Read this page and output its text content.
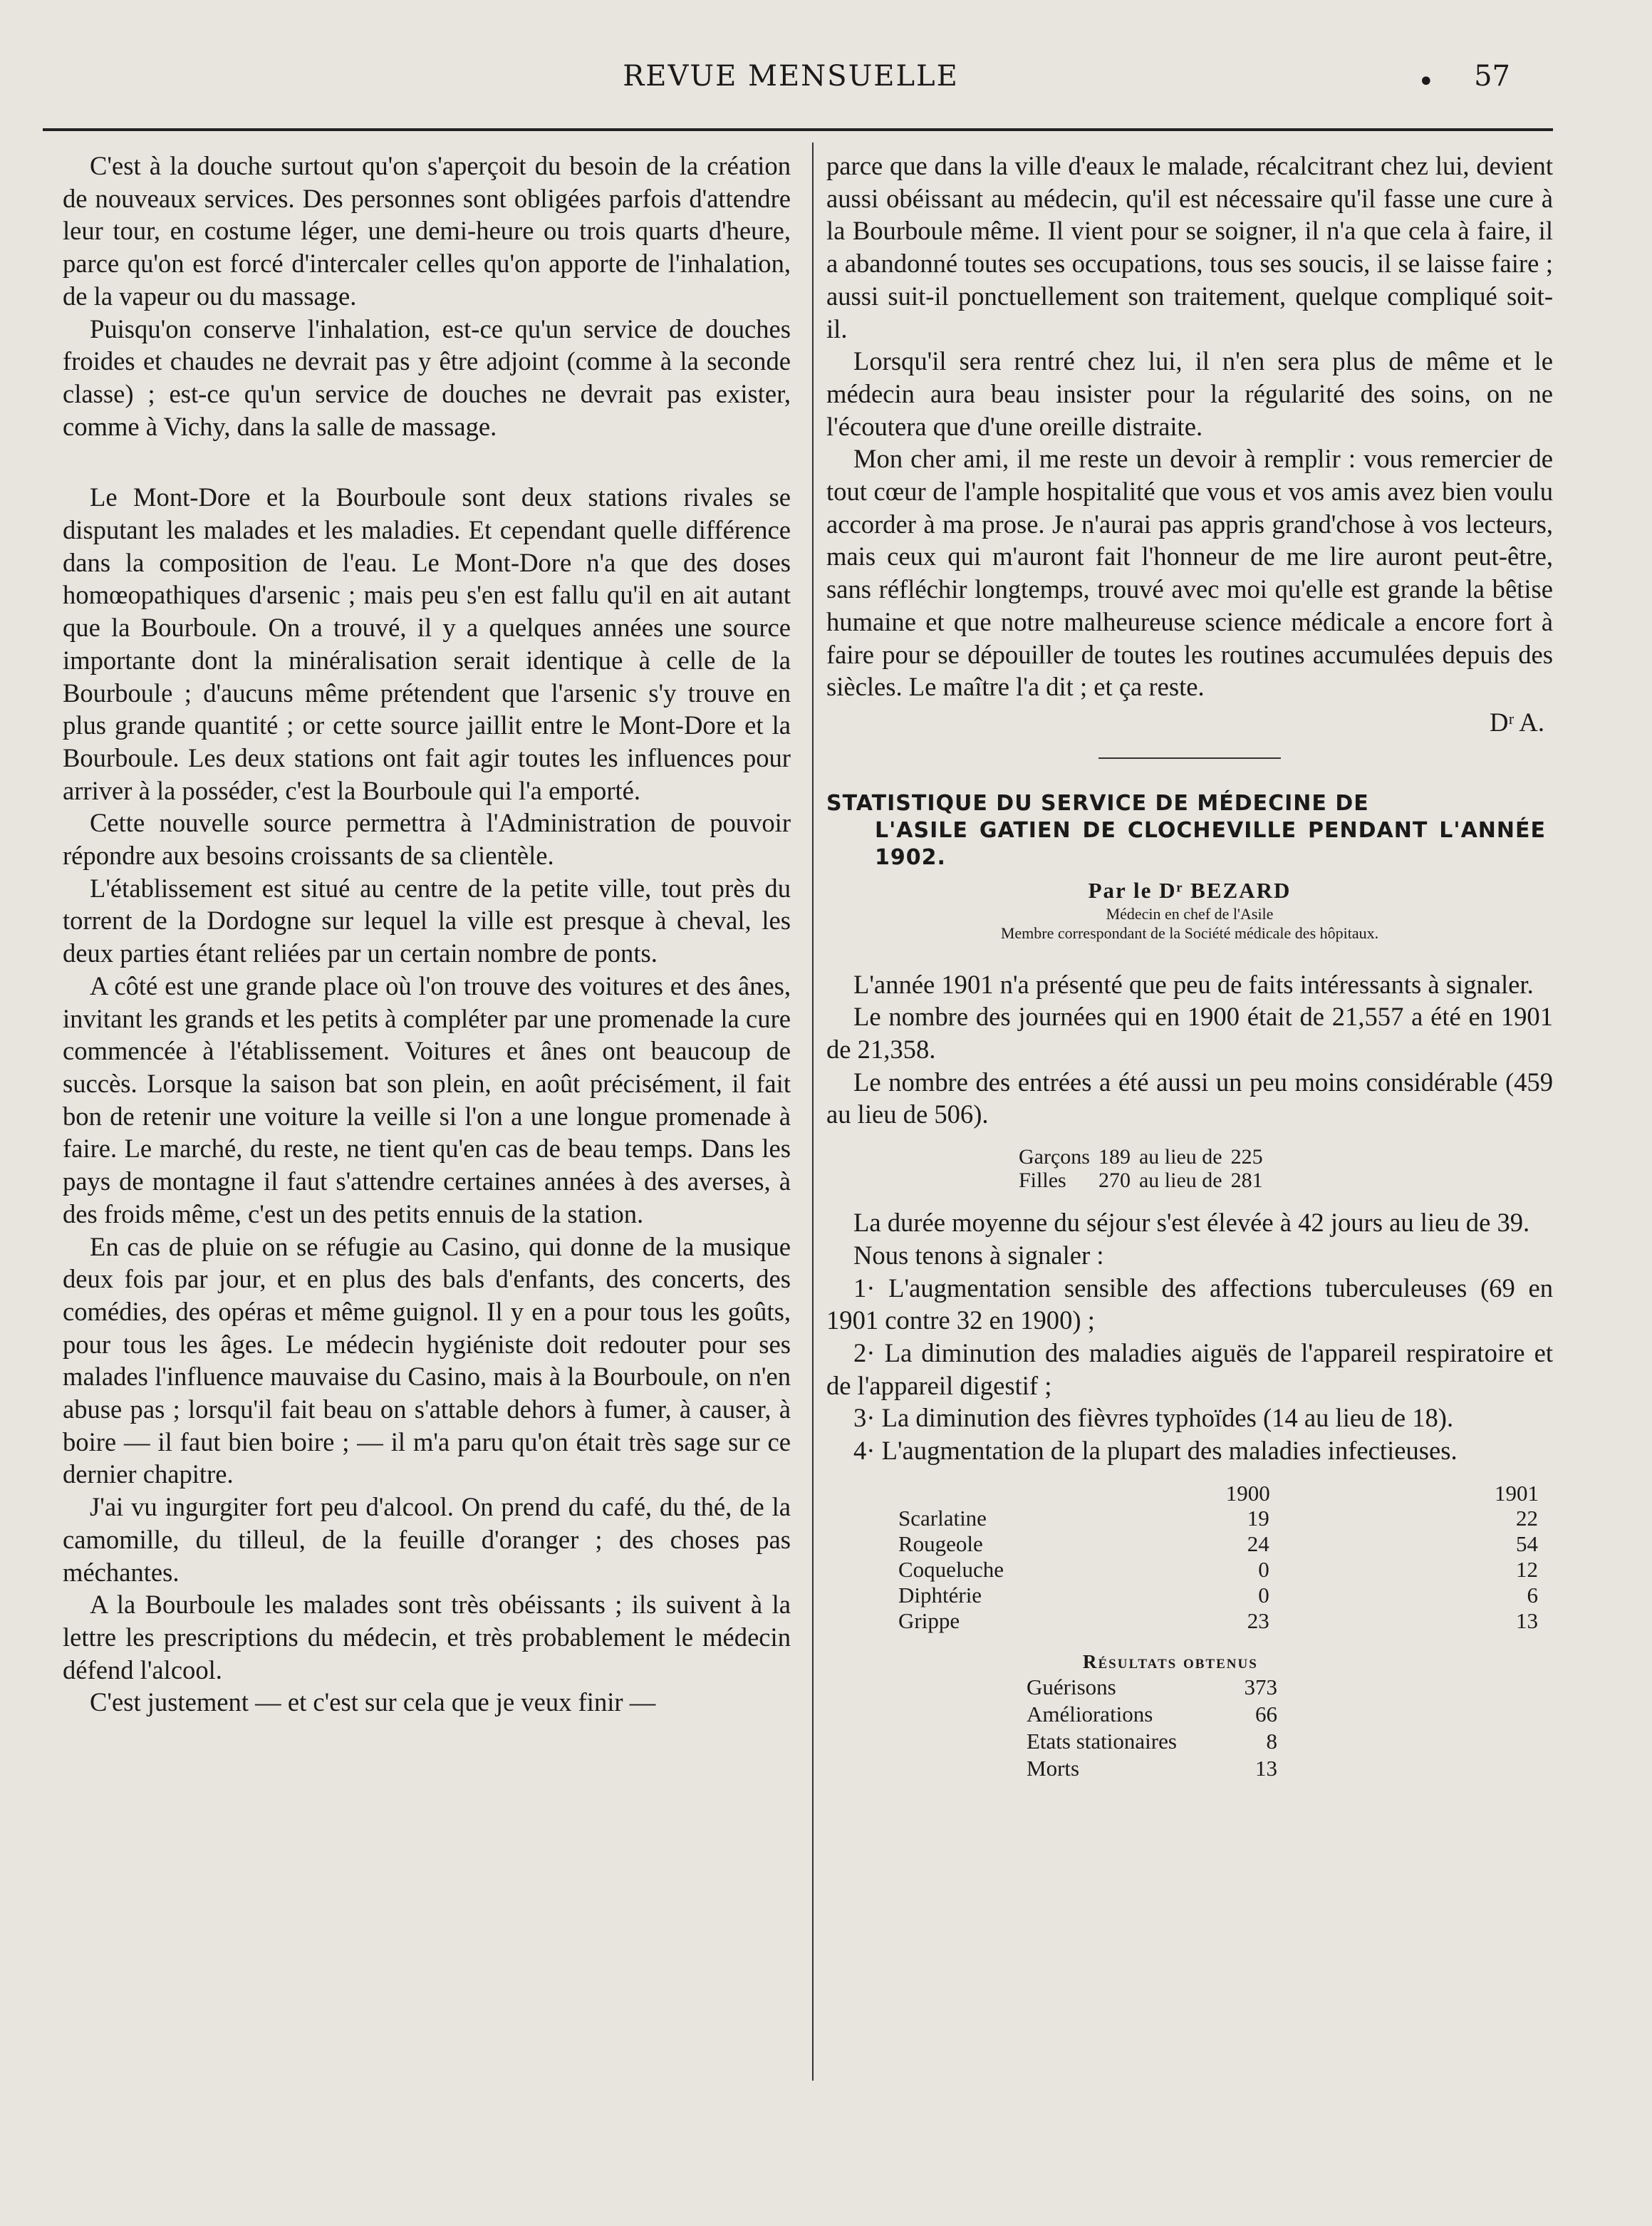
REVUE MENSUELLE	• 57

C'est à la douche surtout qu'on s'aperçoit du besoin de la création de nouveaux services. Des personnes sont obligées parfois d'attendre leur tour, en costume léger, une demi-heure ou trois quarts d'heure, parce qu'on est forcé d'intercaler celles qu'on apporte de l'inhalation, de la vapeur ou du massage.

Puisqu'on conserve l'inhalation, est-ce qu'un service de douches froides et chaudes ne devrait pas y être adjoint (comme à la seconde classe) ; est-ce qu'un service de douches ne devrait pas exister, comme à Vichy, dans la salle de massage.

Le Mont-Dore et la Bourboule sont deux stations rivales se disputant les malades et les maladies. Et cependant quelle différence dans la composition de l'eau. Le Mont-Dore n'a que des doses homœopathiques d'arsenic ; mais peu s'en est fallu qu'il en ait autant que la Bourboule. On a trouvé, il y a quelques années une source importante dont la minéralisation serait identique à celle de la Bourboule ; d'aucuns même prétendent que l'arsenic s'y trouve en plus grande quantité ; or cette source jaillit entre le Mont-Dore et la Bourboule. Les deux stations ont fait agir toutes les influences pour arriver à la posséder, c'est la Bourboule qui l'a emporté.

Cette nouvelle source permettra à l'Administration de pouvoir répondre aux besoins croissants de sa clientèle.

L'établissement est situé au centre de la petite ville, tout près du torrent de la Dordogne sur lequel la ville est presque à cheval, les deux parties étant reliées par un certain nombre de ponts.

A côté est une grande place où l'on trouve des voitures et des ânes, invitant les grands et les petits à compléter par une promenade la cure commencée à l'établissement. Voitures et ânes ont beaucoup de succès. Lorsque la saison bat son plein, en août précisément, il fait bon de retenir une voiture la veille si l'on a une longue promenade à faire. Le marché, du reste, ne tient qu'en cas de beau temps. Dans les pays de montagne il faut s'attendre certaines années à des averses, à des froids même, c'est un des petits ennuis de la station.

En cas de pluie on se réfugie au Casino, qui donne de la musique deux fois par jour, et en plus des bals d'enfants, des concerts, des comédies, des opéras et même guignol. Il y en a pour tous les goûts, pour tous les âges. Le médecin hygiéniste doit redouter pour ses malades l'influence mauvaise du Casino, mais à la Bourboule, on n'en abuse pas ; lorsqu'il fait beau on s'attable dehors à fumer, à causer, à boire — il faut bien boire ; — il m'a paru qu'on était très sage sur ce dernier chapitre.

J'ai vu ingurgiter fort peu d'alcool. On prend du café, du thé, de la camomille, du tilleul, de la feuille d'oranger ; des choses pas méchantes.

A la Bourboule les malades sont très obéissants ; ils suivent à la lettre les prescriptions du médecin, et très probablement le médecin défend l'alcool.

C'est justement — et c'est sur cela que je veux finir —

parce que dans la ville d'eaux le malade, récalcitrant chez lui, devient aussi obéissant au médecin, qu'il est nécessaire qu'il fasse une cure à la Bourboule même. Il vient pour se soigner, il n'a que cela à faire, il a abandonné toutes ses occupations, tous ses soucis, il se laisse faire ; aussi suit-il ponctuellement son traitement, quelque compliqué soit-il.

Lorsqu'il sera rentré chez lui, il n'en sera plus de même et le médecin aura beau insister pour la régularité des soins, on ne l'écoutera que d'une oreille distraite.

Mon cher ami, il me reste un devoir à remplir : vous remercier de tout cœur de l'ample hospitalité que vous et vos amis avez bien voulu accorder à ma prose. Je n'aurai pas appris grand'chose à vos lecteurs, mais ceux qui m'auront fait l'honneur de me lire auront peut-être, sans réfléchir longtemps, trouvé avec moi qu'elle est grande la bêtise humaine et que notre malheureuse science médicale a encore fort à faire pour se dépouiller de toutes les routines accumulées depuis des siècles. Le maître l'a dit ; et ça reste.

Dʳ A.
STATISTIQUE DU SERVICE DE MÉDECINE DE
L'ASILE GATIEN DE CLOCHEVILLE PENDANT L'ANNÉE 1902.
Par le Dʳ BEZARD
Médecin en chef de l'Asile
Membre correspondant de la Société médicale des hôpitaux.

L'année 1901 n'a présenté que peu de faits intéressants à signaler.

Le nombre des journées qui en 1900 était de 21,557 a été en 1901 de 21,358.

Le nombre des entrées a été aussi un peu moins considérable (459 au lieu de 506).

Garçons	189	au lieu de	225
Filles	270	au lieu de	281

La durée moyenne du séjour s'est élevée à 42 jours au lieu de 39.

Nous tenons à signaler :

1· L'augmentation sensible des affections tuberculeuses (69 en 1901 contre 32 en 1900) ;

2· La diminution des maladies aiguës de l'appareil respiratoire et de l'appareil digestif ;

3· La diminution des fièvres typhoïdes (14 au lieu de 18).

4· L'augmentation de la plupart des maladies infectieuses.

	1900	1901
Scarlatine	19	22
Rougeole	24	54
Coqueluche	0	12
Diphtérie	0	6
Grippe	23	13
Résultats obtenus
Guérisons	373
Améliorations	66
Etats stationaires	8
Morts	13
